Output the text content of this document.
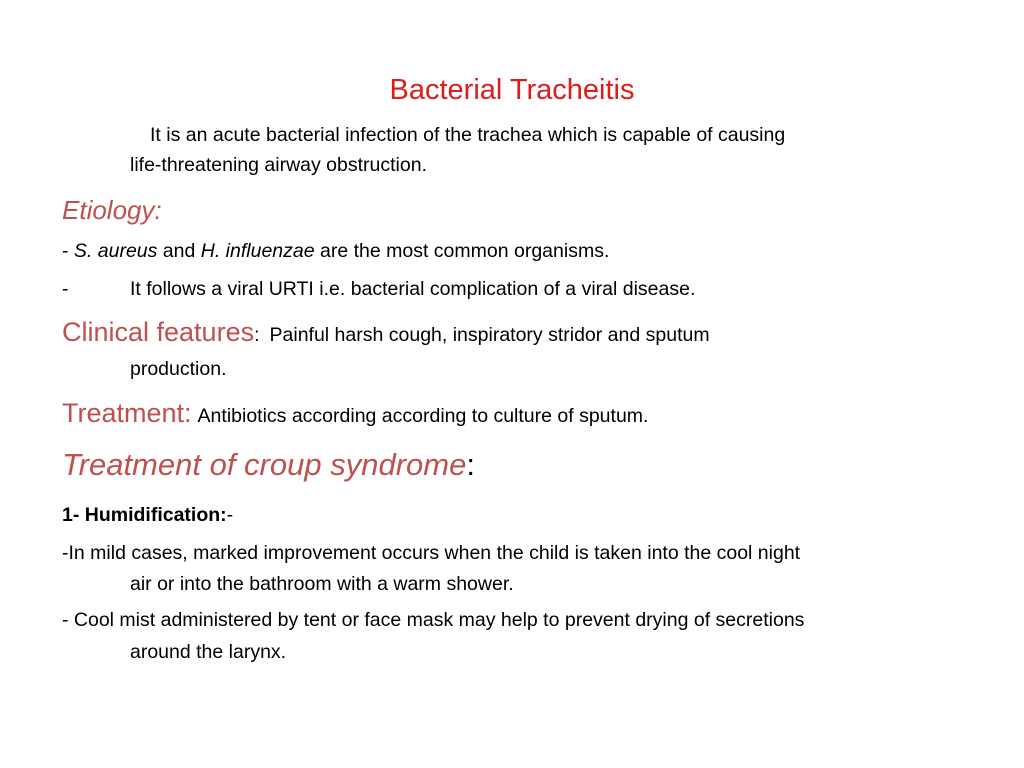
Bacterial Tracheitis
It is an acute bacterial infection of the trachea which is capable of causing
life-threatening airway obstruction.
Etiology:
- S. aureus and H. influenzae are the most common organisms.
-	It follows a viral URTI i.e. bacterial complication of a viral disease.
Clinical features: Painful harsh cough, inspiratory stridor and sputum
production.
Treatment: Antibiotics according according to culture of sputum.
Treatment of croup syndrome:
1- Humidification:-
-In mild cases, marked improvement occurs when the child is taken into the cool night
air or into the bathroom with a warm shower.
- Cool mist administered by tent or face mask may help to prevent drying of secretions
around the larynx.
